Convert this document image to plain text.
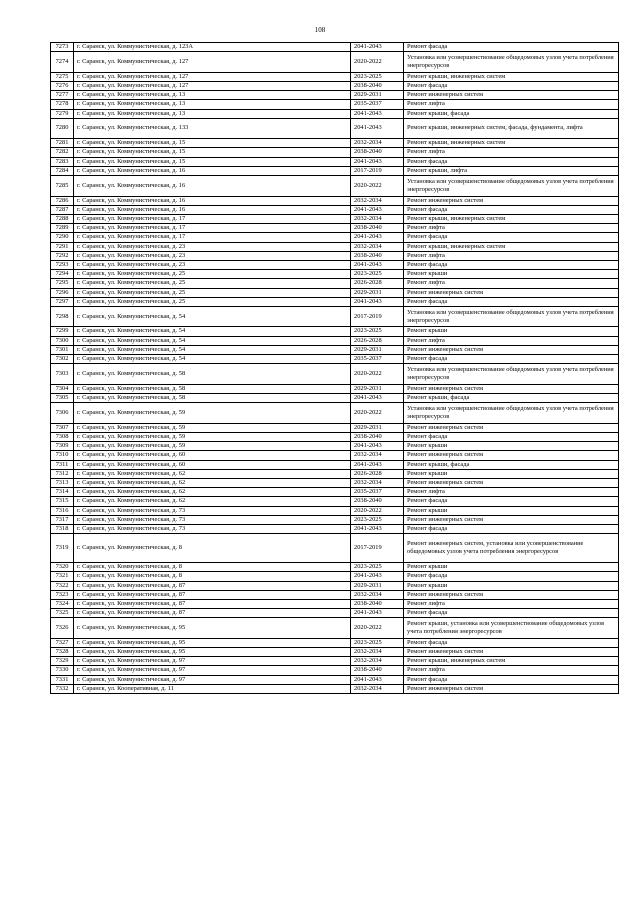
108
7273	г. Саранск, ул. Коммунистическая, д. 123А	2041-2043	Ремонт фасада
7274	г. Саранск, ул. Коммунистическая, д. 127	2020-2022	Установка или усовершенствование общедомовых узлов учета потребления энергоресурсов
7275	г. Саранск, ул. Коммунистическая, д. 127	2023-2025	Ремонт крыши, инженерных систем
7276	г. Саранск, ул. Коммунистическая, д. 127	2038-2040	Ремонт фасада
7277	г. Саранск, ул. Коммунистическая, д. 13	2029-2031	Ремонт инженерных систем
7278	г. Саранск, ул. Коммунистическая, д. 13	2035-2037	Ремонт лифта
7279	г. Саранск, ул. Коммунистическая, д. 13	2041-2043	Ремонт крыши, фасада
7280	г. Саранск, ул. Коммунистическая, д. 133	2041-2043	Ремонт крыши, инженерных систем, фасада, фундамента, лифта
7281	г. Саранск, ул. Коммунистическая, д. 15	2032-2034	Ремонт крыши, инженерных систем
7282	г. Саранск, ул. Коммунистическая, д. 15	2038-2040	Ремонт лифта
7283	г. Саранск, ул. Коммунистическая, д. 15	2041-2043	Ремонт фасада
7284	г. Саранск, ул. Коммунистическая, д. 16	2017-2019	Ремонт крыши, лифта
7285	г. Саранск, ул. Коммунистическая, д. 16	2020-2022	Установка или усовершенствование общедомовых узлов учета потребления энергоресурсов
7286	г. Саранск, ул. Коммунистическая, д. 16	2032-2034	Ремонт инженерных систем
7287	г. Саранск, ул. Коммунистическая, д. 16	2041-2043	Ремонт фасада
7288	г. Саранск, ул. Коммунистическая, д. 17	2032-2034	Ремонт крыши, инженерных систем
7289	г. Саранск, ул. Коммунистическая, д. 17	2038-2040	Ремонт лифта
7290	г. Саранск, ул. Коммунистическая, д. 17	2041-2043	Ремонт фасада
7291	г. Саранск, ул. Коммунистическая, д. 23	2032-2034	Ремонт крыши, инженерных систем
7292	г. Саранск, ул. Коммунистическая, д. 23	2038-2040	Ремонт лифта
7293	г. Саранск, ул. Коммунистическая, д. 23	2041-2043	Ремонт фасада
7294	г. Саранск, ул. Коммунистическая, д. 25	2023-2025	Ремонт крыши
7295	г. Саранск, ул. Коммунистическая, д. 25	2026-2028	Ремонт лифта
7296	г. Саранск, ул. Коммунистическая, д. 25	2029-2031	Ремонт инженерных систем
7297	г. Саранск, ул. Коммунистическая, д. 25	2041-2043	Ремонт фасада
7298	г. Саранск, ул. Коммунистическая, д. 54	2017-2019	Установка или усовершенствование общедомовых узлов учета потребления энергоресурсов
7299	г. Саранск, ул. Коммунистическая, д. 54	2023-2025	Ремонт крыши
7300	г. Саранск, ул. Коммунистическая, д. 54	2026-2028	Ремонт лифта
7301	г. Саранск, ул. Коммунистическая, д. 54	2029-2031	Ремонт инженерных систем
7302	г. Саранск, ул. Коммунистическая, д. 54	2035-2037	Ремонт фасада
7303	г. Саранск, ул. Коммунистическая, д. 58	2020-2022	Установка или усовершенствование общедомовых узлов учета потребления энергоресурсов
7304	г. Саранск, ул. Коммунистическая, д. 58	2029-2031	Ремонт инженерных систем
7305	г. Саранск, ул. Коммунистическая, д. 58	2041-2043	Ремонт крыши, фасада
7306	г. Саранск, ул. Коммунистическая, д. 59	2020-2022	Установка или усовершенствование общедомовых узлов учета потребления энергоресурсов
7307	г. Саранск, ул. Коммунистическая, д. 59	2029-2031	Ремонт инженерных систем
7308	г. Саранск, ул. Коммунистическая, д. 59	2038-2040	Ремонт фасада
7309	г. Саранск, ул. Коммунистическая, д. 59	2041-2043	Ремонт крыши
7310	г. Саранск, ул. Коммунистическая, д. 60	2032-2034	Ремонт инженерных систем
7311	г. Саранск, ул. Коммунистическая, д. 60	2041-2043	Ремонт крыши, фасада
7312	г. Саранск, ул. Коммунистическая, д. 62	2026-2028	Ремонт крыши
7313	г. Саранск, ул. Коммунистическая, д. 62	2032-2034	Ремонт инженерных систем
7314	г. Саранск, ул. Коммунистическая, д. 62	2035-2037	Ремонт лифта
7315	г. Саранск, ул. Коммунистическая, д. 62	2038-2040	Ремонт фасада
7316	г. Саранск, ул. Коммунистическая, д. 73	2020-2022	Ремонт крыши
7317	г. Саранск, ул. Коммунистическая, д. 73	2023-2025	Ремонт инженерных систем
7318	г. Саранск, ул. Коммунистическая, д. 73	2041-2043	Ремонт фасада
7319	г. Саранск, ул. Коммунистическая, д. 8	2017-2019	Ремонт инженерных систем, установка или усовершенствование общедомовых узлов учета потребления энергоресурсов
7320	г. Саранск, ул. Коммунистическая, д. 8	2023-2025	Ремонт крыши
7321	г. Саранск, ул. Коммунистическая, д. 8	2041-2043	Ремонт фасада
7322	г. Саранск, ул. Коммунистическая, д. 87	2029-2031	Ремонт крыши
7323	г. Саранск, ул. Коммунистическая, д. 87	2032-2034	Ремонт инженерных систем
7324	г. Саранск, ул. Коммунистическая, д. 87	2038-2040	Ремонт лифта
7325	г. Саранск, ул. Коммунистическая, д. 87	2041-2043	Ремонт фасада
7326	г. Саранск, ул. Коммунистическая, д. 95	2020-2022	Ремонт крыши, установка или усовершенствование общедомовых узлов учета потребления энергоресурсов
7327	г. Саранск, ул. Коммунистическая, д. 95	2023-2025	Ремонт фасада
7328	г. Саранск, ул. Коммунистическая, д. 95	2032-2034	Ремонт инженерных систем
7329	г. Саранск, ул. Коммунистическая, д. 97	2032-2034	Ремонт крыши, инженерных систем
7330	г. Саранск, ул. Коммунистическая, д. 97	2038-2040	Ремонт лифта
7331	г. Саранск, ул. Коммунистическая, д. 97	2041-2043	Ремонт фасада
7332	г. Саранск, ул. Кооперативная, д. 11	2032-2034	Ремонт инженерных систем
